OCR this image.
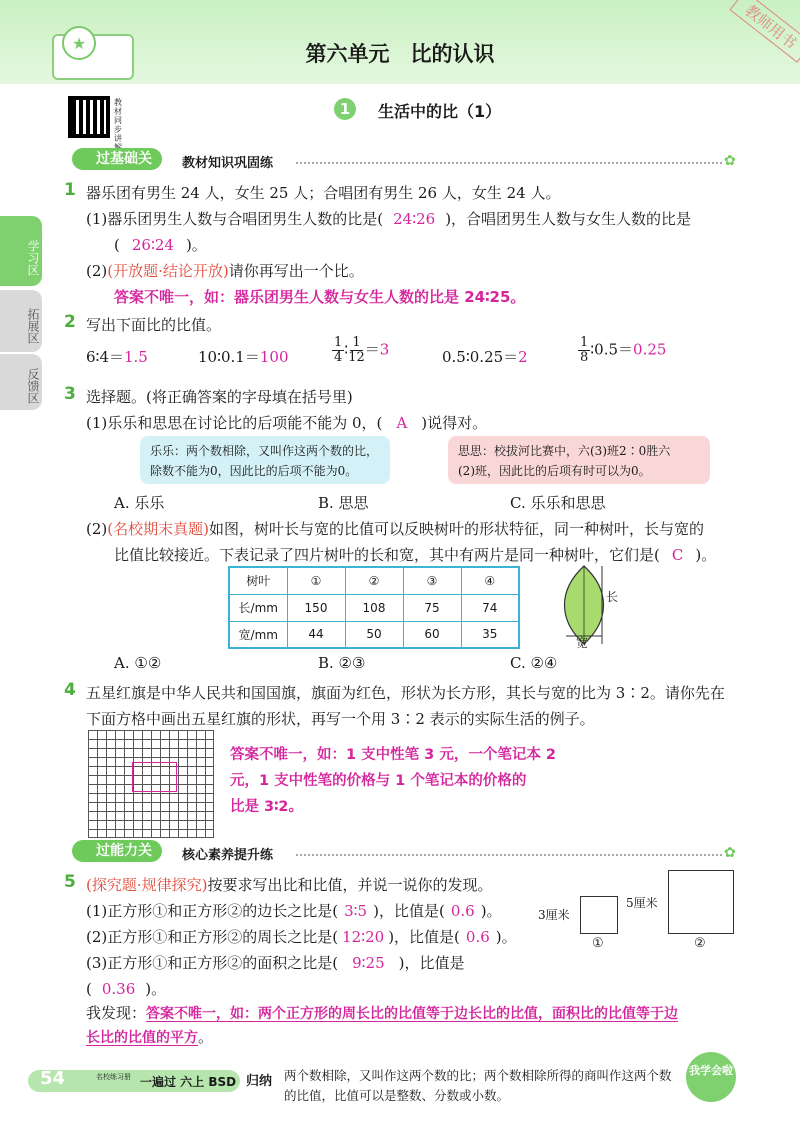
★	第六单元　比的认识
教师用书
教材同步讲
1	生活中的比（1）
学习区
拓展区
反馈区
过基础关	教材知识巩固练	✿
1 器乐团有男生 24 人，女生 25 人；合唱团有男生 26 人，女生 24 人。
(1)器乐团男生人数与合唱团男生人数的比是( 24∶26 )，合唱团男生人数与女生人数的比是
( 26∶24 )。
(2)(开放题·结论开放)请你再写出一个比。
答案不唯一，如：器乐团男生人数与女生人数的比是 24∶25。
2 写出下面比的比值。
6∶4＝1.5	10∶0.1＝100	$\frac{1}{4}$ ∶ $\frac{1}{12} =3$	0.5∶0.25＝2	$\frac{1}{8}$ ∶0.5＝0.25
3 选择题。(将正确答案的字母填在括号里)
(1)乐乐和思思在讨论比的后项能不能为 0，( A )说得对。
乐乐：两个数相除，又叫作这两个数的比，
除数不能为0，因此比的后项不能为0。
思思：校拔河比赛中，六(3)班2∶0胜六
(2)班，因此比的后项有时可以为0。
A. 乐乐	B. 思思	C. 乐乐和思思
(2)(名校期末真题)如图，树叶长与宽的比值可以反映树叶的形状特征，同一种树叶，长与宽的
比值比较接近。下表记录了四片树叶的长和宽，其中有两片是同一种树叶，它们是( C )。
树叶	①	②	③	④
长/mm	150	108	75	74
宽/mm	44	50	60	35
长
宽
A. ①②	B. ②③	C. ②④
4 五星红旗是中华人民共和国国旗，旗面为红色，形状为长方形，其长与宽的比为 3∶2。请你先在
下面方格中画出五星红旗的形状，再写一个用 3∶2 表示的实际生活的例子。
答案不唯一，如：1 支中性笔 3 元，一个笔记本 2
元，1 支中性笔的价格与 1 个笔记本的价格的
比是 3∶2。
过能力关	核心素养提升练	✿
5 (探究题·规律探究)按要求写出比和比值，并说一说你的发现。
(1)正方形①和正方形②的边长之比是( 3∶5 )，比值是( 0.6 )。
(2)正方形①和正方形②的周长之比是( 12∶20 )，比值是( 0.6 )。
(3)正方形①和正方形②的面积之比是( 9∶25 )，比值是
( 0.36 )。
3厘米
①
5厘米
②
我发现：答案不唯一，如：两个正方形的周长比的比值等于边长比的比值，面积比的比值等于边
长比的比值的平方。
54	名校练习册 一遍过 六上 BSD 归纳 两个数相除，又叫作这两个数的比；两个数相除所得的商叫作这两个数的比值，比值可以是整数、分数或小数。
我学会啦
